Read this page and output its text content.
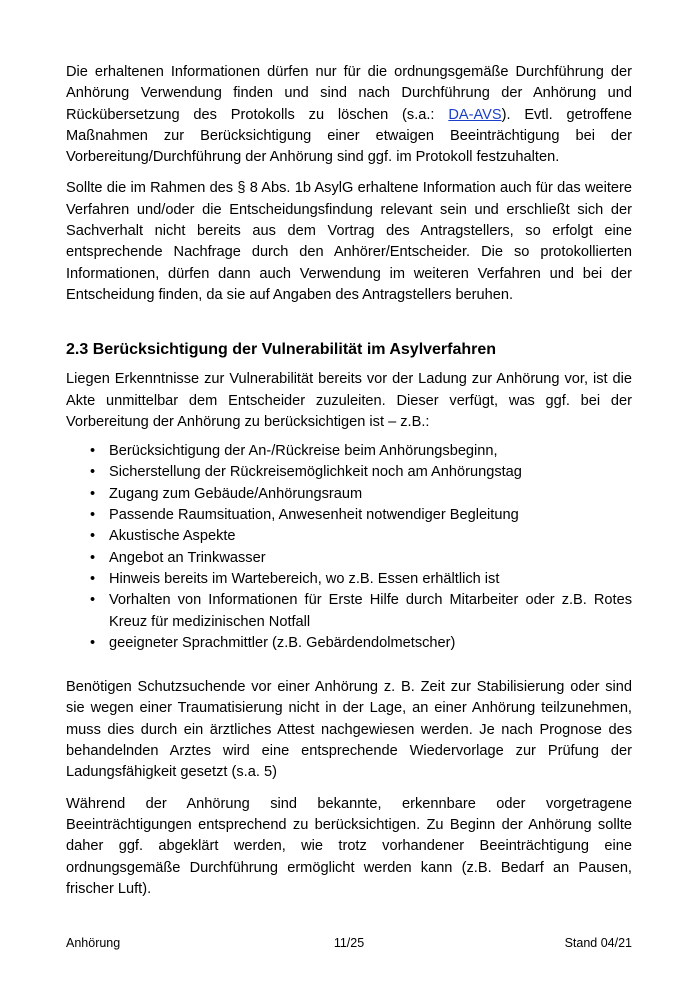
Die erhaltenen Informationen dürfen nur für die ordnungsgemäße Durchführung der Anhörung Verwendung finden und sind nach Durchführung der Anhörung und Rückübersetzung des Protokolls zu löschen (s.a.: DA-AVS). Evtl. getroffene Maßnahmen zur Berücksichtigung einer etwaigen Beeinträchtigung bei der Vorbereitung/Durchführung der Anhörung sind ggf. im Protokoll festzuhalten.

Sollte die im Rahmen des § 8 Abs. 1b AsylG erhaltene Information auch für das weitere Verfahren und/oder die Entscheidungsfindung relevant sein und erschließt sich der Sachverhalt nicht bereits aus dem Vortrag des Antragstellers, so erfolgt eine entsprechende Nachfrage durch den Anhörer/Entscheider. Die so protokollierten Informationen, dürfen dann auch Verwendung im weiteren Verfahren und bei der Entscheidung finden, da sie auf Angaben des Antragstellers beruhen.

2.3 Berücksichtigung der Vulnerabilität im Asylverfahren

Liegen Erkenntnisse zur Vulnerabilität bereits vor der Ladung zur Anhörung vor, ist die Akte unmittelbar dem Entscheider zuzuleiten. Dieser verfügt, was ggf. bei der Vorbereitung der Anhörung zu berücksichtigen ist – z.B.:

• Berücksichtigung der An-/Rückreise beim Anhörungsbeginn,
• Sicherstellung der Rückreisemöglichkeit noch am Anhörungstag
• Zugang zum Gebäude/Anhörungsraum
• Passende Raumsituation, Anwesenheit notwendiger Begleitung
• Akustische Aspekte
• Angebot an Trinkwasser
• Hinweis bereits im Wartebereich, wo z.B. Essen erhältlich ist
• Vorhalten von Informationen für Erste Hilfe durch Mitarbeiter oder z.B. Rotes Kreuz für medizinischen Notfall
• geeigneter Sprachmittler (z.B. Gebärdendolmetscher)

Benötigen Schutzsuchende vor einer Anhörung z. B. Zeit zur Stabilisierung oder sind sie wegen einer Traumatisierung nicht in der Lage, an einer Anhörung teilzunehmen, muss dies durch ein ärztliches Attest nachgewiesen werden. Je nach Prognose des behandelnden Arztes wird eine entsprechende Wiedervorlage zur Prüfung der Ladungsfähigkeit gesetzt (s.a. 5)

Während der Anhörung sind bekannte, erkennbare oder vorgetragene Beeinträchtigungen entsprechend zu berücksichtigen. Zu Beginn der Anhörung sollte daher ggf. abgeklärt werden, wie trotz vorhandener Beeinträchtigung eine ordnungsgemäße Durchführung ermöglicht werden kann (z.B. Bedarf an Pausen, frischer Luft).

Anhörung	11/25	Stand 04/21
